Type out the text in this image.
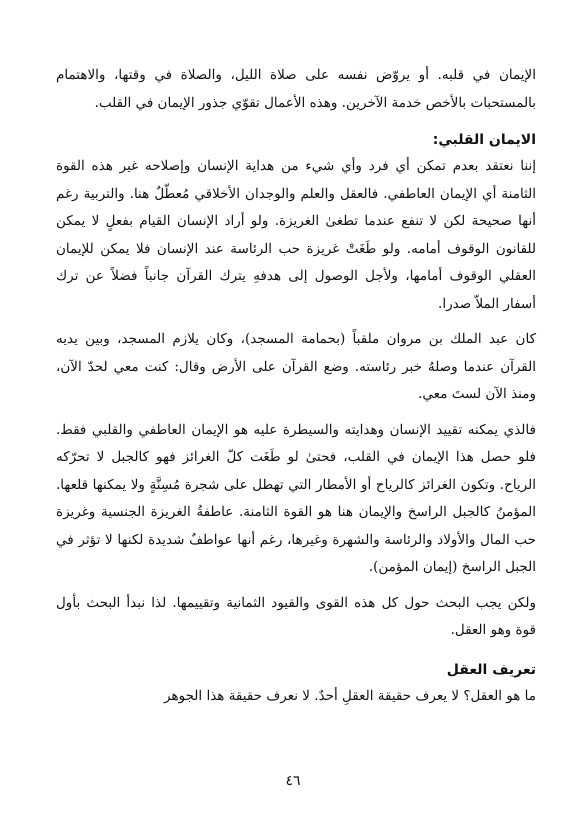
الإيمان في قلبه. أو يروّض نفسه على صلاة الليل، والصلاة في وقتها، والاهتمام بالمستحبات بالأخص خدمة الآخرين. وهذه الأعمال تقوّي جذور الإيمان في القلب.

الايمان القلبي:

إننا نعتقد بعدم تمكن أي فرد وأي شيء من هداية الإنسان وإصلاحه غير هذه القوة الثامنة أي الإيمان العاطفي. فالعقل والعلم والوجدان الأخلاقي مُعطّلٌ هنا. والتربية رغم أنها صحيحة لكن لا تنفع عندما تطغىٰ الغريزة. ولو أراد الإنسان القيام بفعلٍ لا يمكن للقانون الوقوف أمامه. ولو طَغَتْ غريزة حب الرئاسة عند الإنسان فلا يمكن للإيمان العقلي الوقوف أمامها، ولأجل الوصول إلى هدفهِ يترك القرآن جانباً فضلاً عن ترك أسفار الملاّ صدرا.

كان عبد الملك بن مروان ملقباً (بحمامة المسجد)، وكان يلازم المسجد، وبين يديه القرآن عندما وصلهُ خبر رئاسته. وضع القرآن على الأرض وقال: كنت معي لحدّ الآن، ومنذ الآن لستَ معي.

فالذي يمكنه تقييد الإنسان وهدايته والسيطرة عليه هو الإيمان العاطفي والقلبي فقط. فلو حصل هذا الإيمان في القلب، فحتىٰ لو طَغَت كلّ الغرائز فهو كالجبل لا تحرّكه الرياح. وتكون الغرائز كالرياح أو الأمطار التي تهطل على شجرة مُسِنَّةٍ ولا يمكنها قلعها. المؤمنُ كالجبل الراسخ والإيمان هنا هو القوة الثامنة. عاطفةُ الغريزة الجنسية وغريزة حب المال والأولاد والرئاسة والشهرة وغيرها، رغم أنها عواطفٌ شديدة لكنها لا تؤثر في الجبل الراسخ (إيمان المؤمن).

ولكن يجب البحث حول كل هذه القوى والقيود الثمانية وتقييمها. لذا نبدأ البحث بأول قوة وهو العقل.

تعريف العقل

ما هو العقل؟ لا يعرف حقيقة العقلِ أحدٌ. لا نعرف حقيقة هذا الجوهر

٤٦
